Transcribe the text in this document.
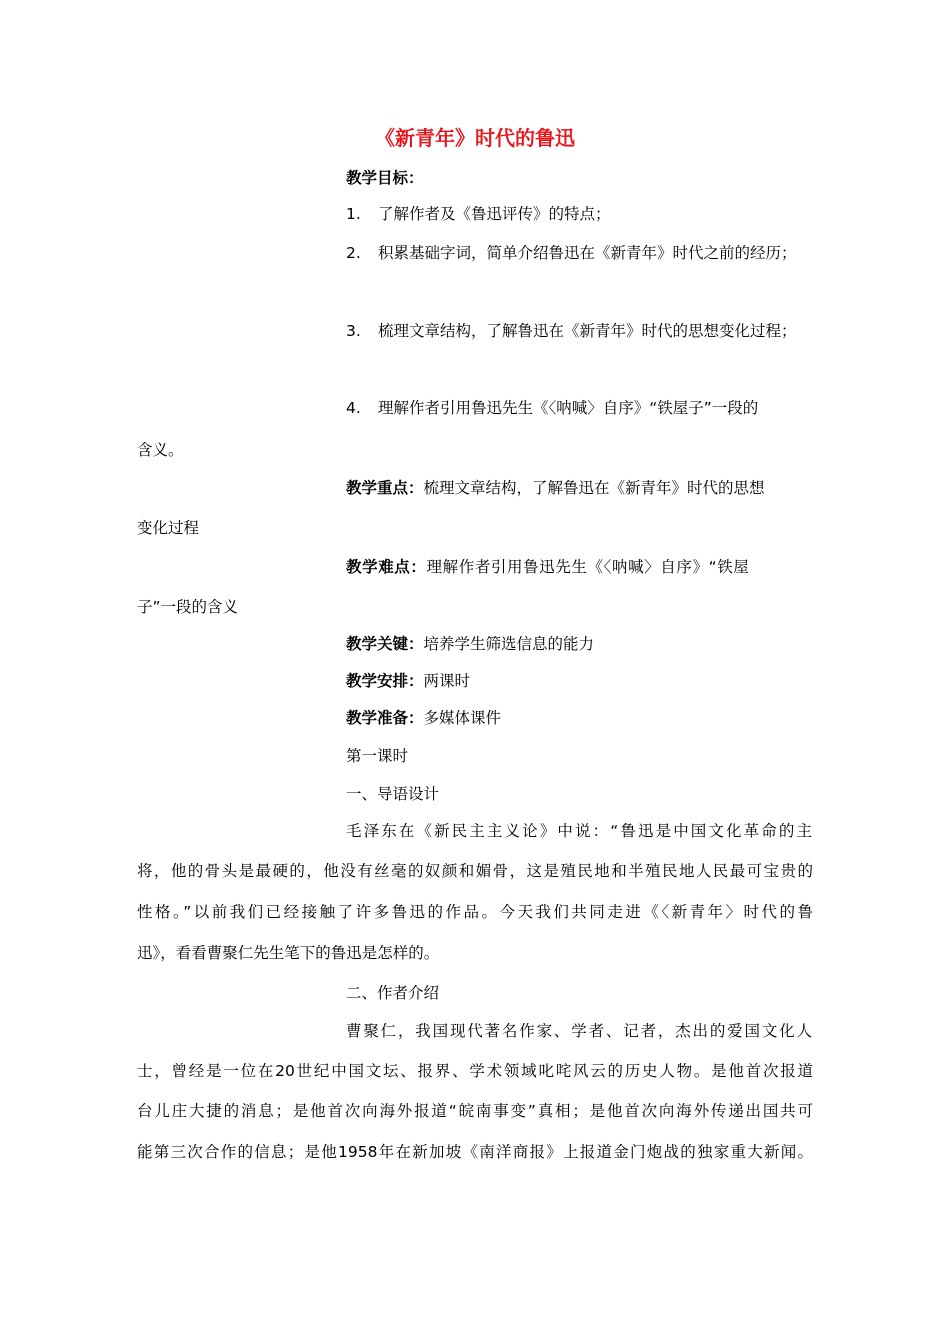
《新青年》时代的鲁迅
教学目标：
1. 了解作者及《鲁迅评传》的特点；
2. 积累基础字词，简单介绍鲁迅在《新青年》时代之前的经历；
3. 梳理文章结构，了解鲁迅在《新青年》时代的思想变化过程；
4. 理解作者引用鲁迅先生《〈呐喊〉自序》“铁屋子”一段的
含义。
教学重点：梳理文章结构，了解鲁迅在《新青年》时代的思想
变化过程
教学难点：理解作者引用鲁迅先生《〈呐喊〉自序》“铁屋
子”一段的含义
教学关键：培养学生筛选信息的能力
教学安排：两课时
教学准备：多媒体课件
第一课时
一、导语设计
毛泽东在《新民主主义论》中说：“鲁迅是中国文化革命的主
将，他的骨头是最硬的，他没有丝毫的奴颜和媚骨，这是殖民地和半殖民地人民最可宝贵的
性格。”以前我们已经接触了许多鲁迅的作品。今天我们共同走进《〈新青年〉时代的鲁
迅》，看看曹聚仁先生笔下的鲁迅是怎样的。
二、作者介绍
曹聚仁，我国现代著名作家、学者、记者，杰出的爱国文化人
士，曾经是一位在20世纪中国文坛、报界、学术领域叱咤风云的历史人物。是他首次报道
台儿庄大捷的消息；是他首次向海外报道“皖南事变”真相；是他首次向海外传递出国共可
能第三次合作的信息；是他1958年在新加坡《南洋商报》上报道金门炮战的独家重大新闻。
